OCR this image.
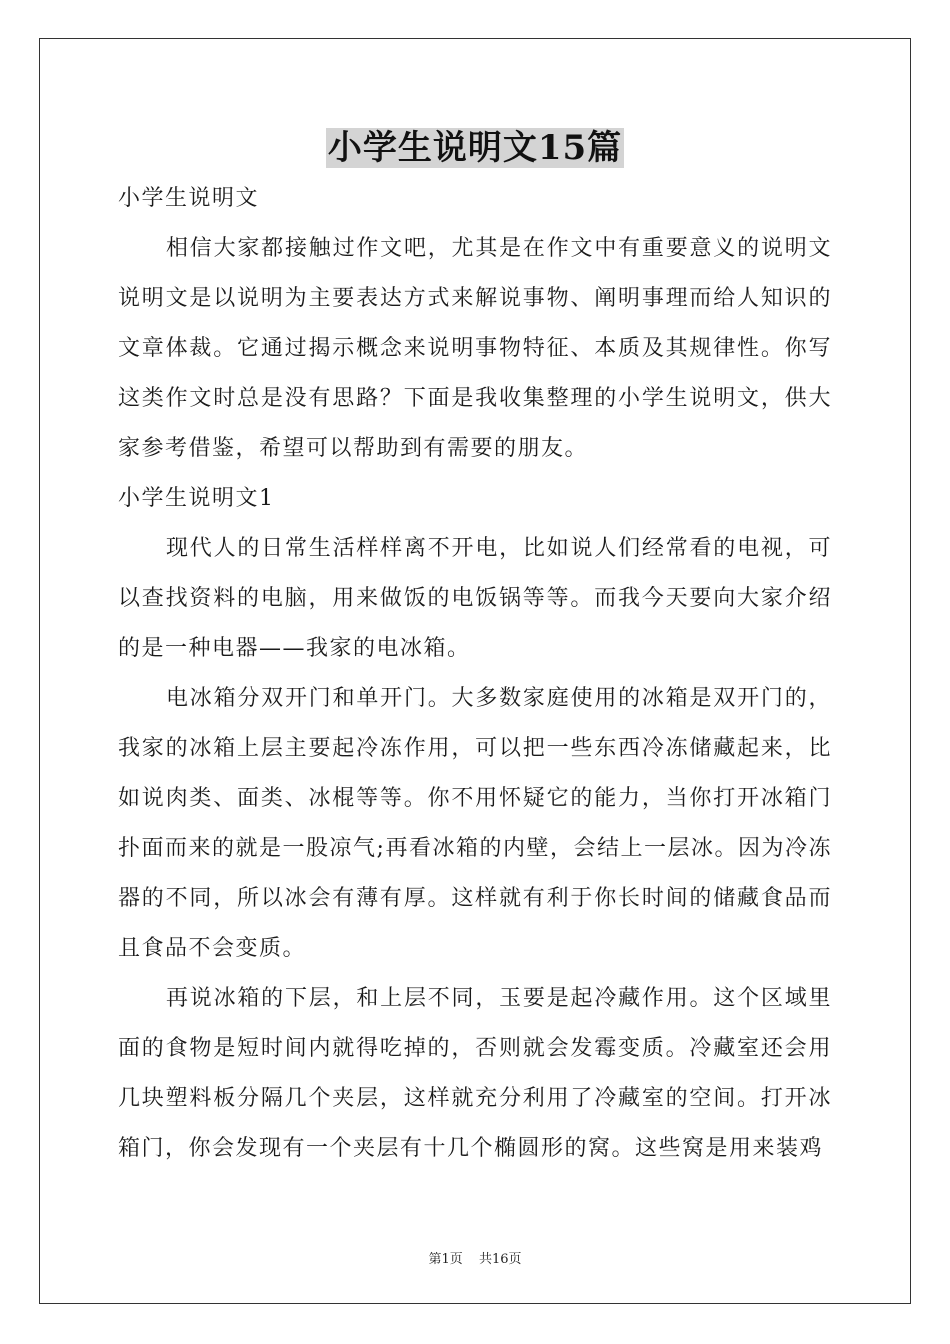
小学生说明文15篇

小学生说明文

相信大家都接触过作文吧，尤其是在作文中有重要意义的说明文说明文是以说明为主要表达方式来解说事物、阐明事理而给人知识的文章体裁。它通过揭示概念来说明事物特征、本质及其规律性。你写这类作文时总是没有思路？下面是我收集整理的小学生说明文，供大家参考借鉴，希望可以帮助到有需要的朋友。

小学生说明文1

现代人的日常生活样样离不开电，比如说人们经常看的电视，可以查找资料的电脑，用来做饭的电饭锅等等。而我今天要向大家介绍的是一种电器——我家的电冰箱。

电冰箱分双开门和单开门。大多数家庭使用的冰箱是双开门的，我家的冰箱上层主要起冷冻作用，可以把一些东西冷冻储藏起来，比如说肉类、面类、冰棍等等。你不用怀疑它的能力，当你打开冰箱门扑面而来的就是一股凉气;再看冰箱的内壁，会结上一层冰。因为冷冻器的不同，所以冰会有薄有厚。这样就有利于你长时间的储藏食品而且食品不会变质。

再说冰箱的下层，和上层不同，玉要是起冷藏作用。这个区域里面的食物是短时间内就得吃掉的，否则就会发霉变质。冷藏室还会用几块塑料板分隔几个夹层，这样就充分利用了冷藏室的空间。打开冰箱门，你会发现有一个夹层有十几个椭圆形的窝。这些窝是用来装鸡

第1页 共16页
